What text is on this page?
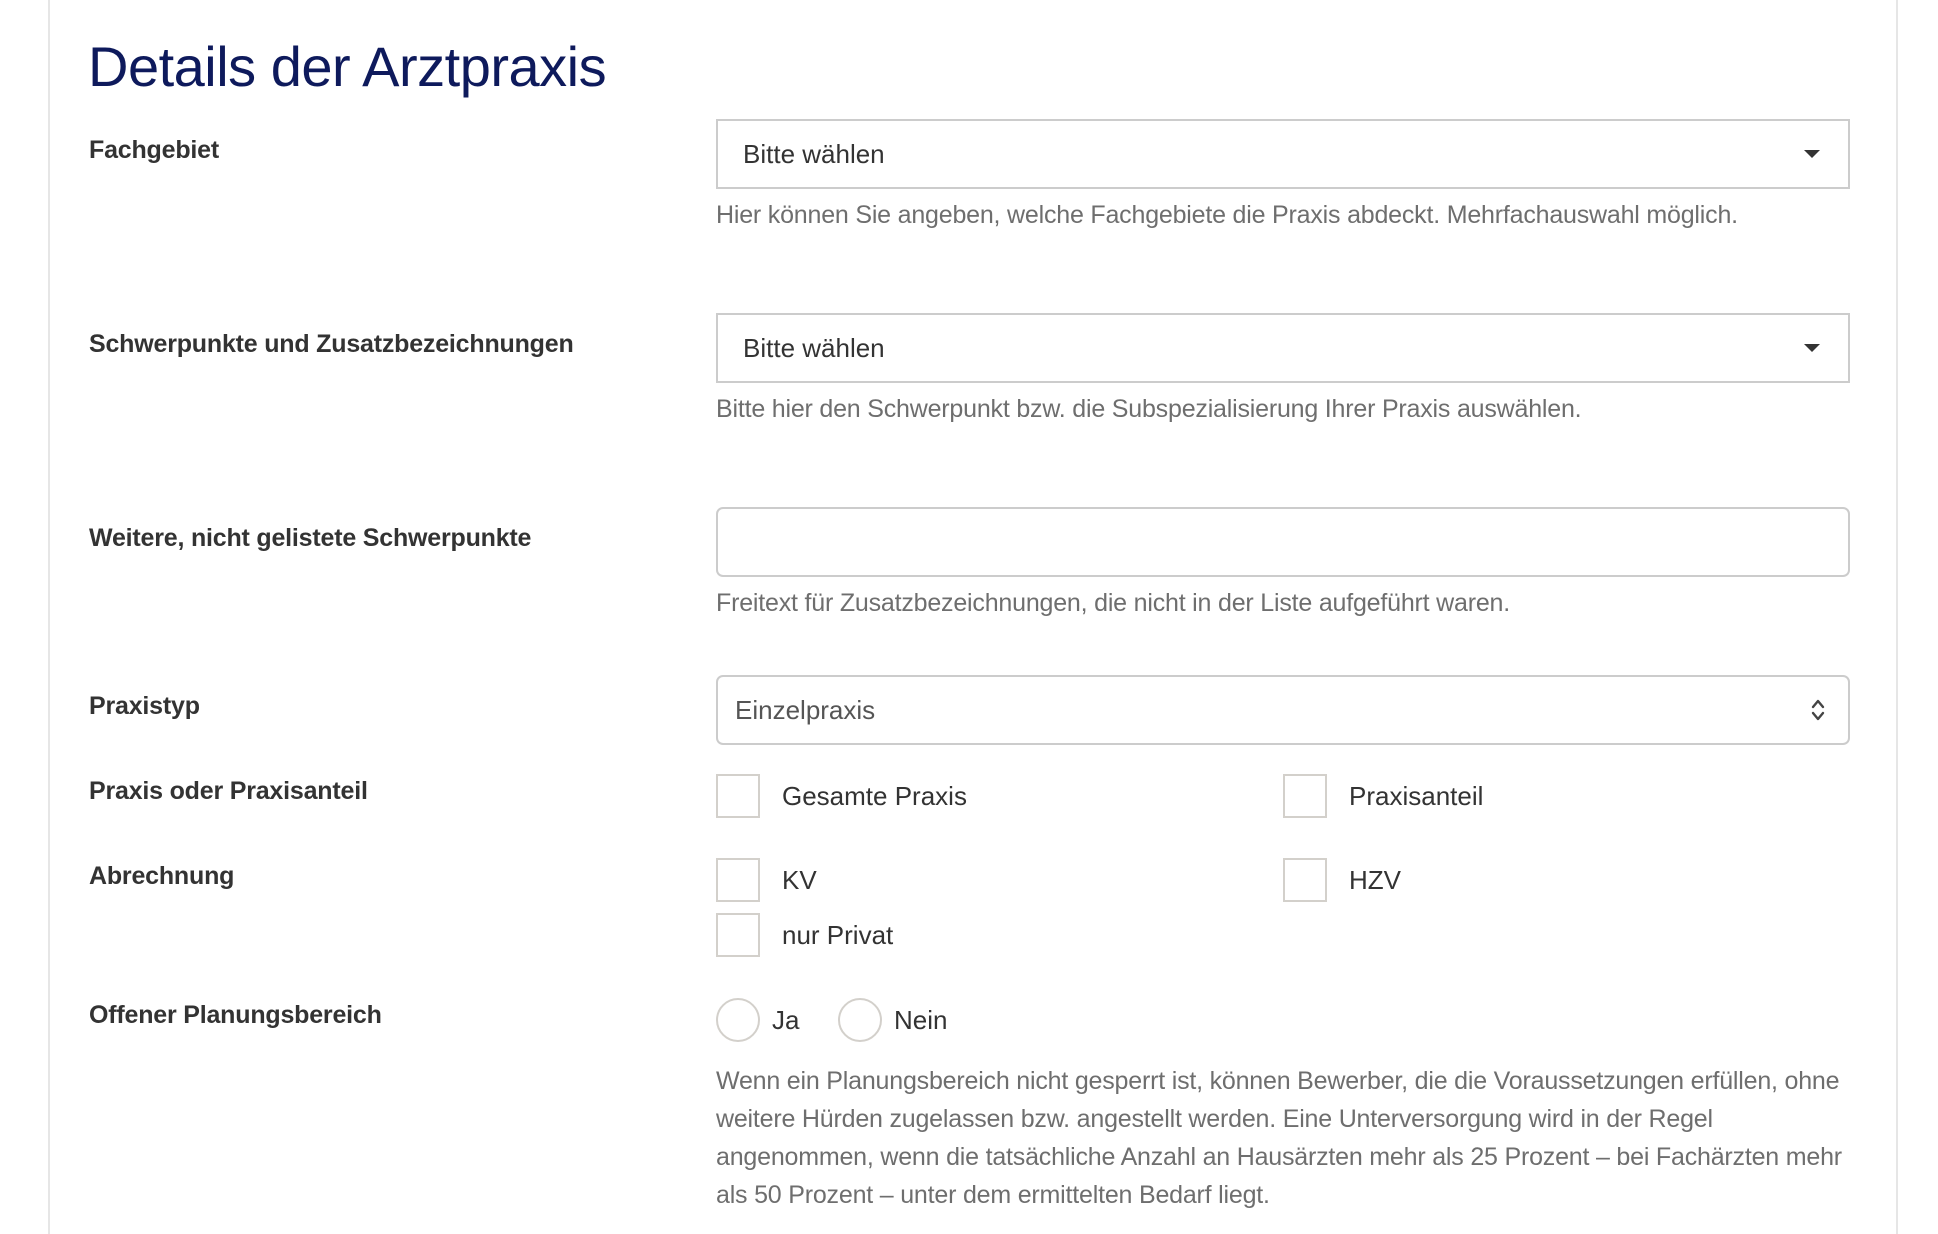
Details der Arztpraxis
Fachgebiet	Bitte wählen
Hier können Sie angeben, welche Fachgebiete die Praxis abdeckt. Mehrfachauswahl möglich.
Schwerpunkte und Zusatzbezeichnungen	Bitte wählen
Bitte hier den Schwerpunkt bzw. die Subspezialisierung Ihrer Praxis auswählen.
Weitere, nicht gelistete Schwerpunkte
Freitext für Zusatzbezeichnungen, die nicht in der Liste aufgeführt waren.
Praxistyp	Einzelpraxis
Praxis oder Praxisanteil	Gesamte Praxis	Praxisanteil
Abrechnung	KV	HZV
nur Privat
Offener Planungsbereich	Ja	Nein
Wenn ein Planungsbereich nicht gesperrt ist, können Bewerber, die die Voraussetzungen erfüllen, ohne weitere Hürden zugelassen bzw. angestellt werden. Eine Unterversorgung wird in der Regel angenommen, wenn die tatsächliche Anzahl an Hausärzten mehr als 25 Prozent – bei Fachärzten mehr als 50 Prozent – unter dem ermittelten Bedarf liegt.
